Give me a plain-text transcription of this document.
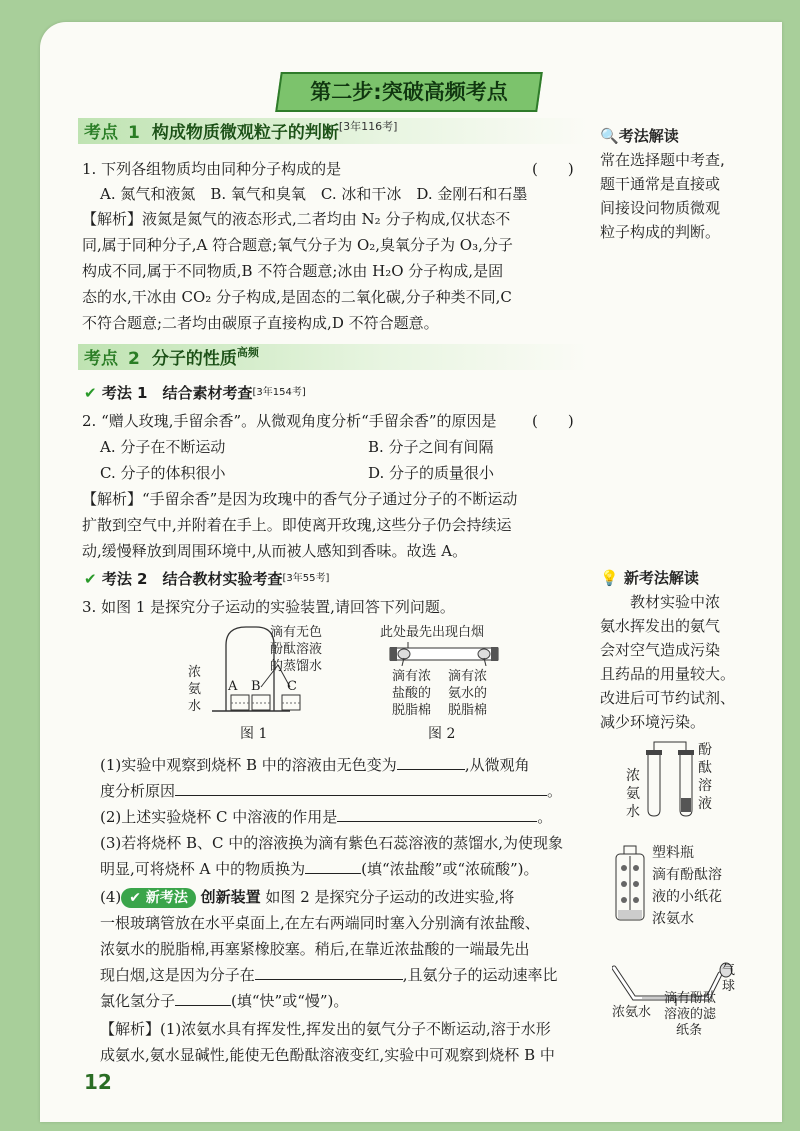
第二步:突破高频考点
考点 1 构成物质微观粒子的判断[3年116考]
1. 下列各组物质均由同种分子构成的是	(　　)
A. 氮气和液氮　B. 氧气和臭氧　C. 冰和干冰　D. 金刚石和石墨
【解析】液氮是氮气的液态形式,二者均由 N₂ 分子构成,仅状态不
同,属于同种分子,A 符合题意;氧气分子为 O₂,臭氧分子为 O₃,分子
构成不同,属于不同物质,B 不符合题意;冰由 H₂O 分子构成,是固
态的水,干冰由 CO₂ 分子构成,是固态的二氧化碳,分子种类不同,C
不符合题意;二者均由碳原子直接构成,D 不符合题意。
考点 2 分子的性质$^{高频}$
✔ 考法 1　 结合素材考查[3年154考]
2. “赠人玫瑰,手留余香”。从微观角度分析“手留余香”的原因是 (　　)
A. 分子在不断运动	B. 分子之间有间隔
C. 分子的体积很小	D. 分子的质量很小
【解析】“手留余香”是因为玫瑰中的香气分子通过分子的不断运动
扩散到空气中,并附着在手上。即使离开玫瑰,这些分子仍会持续运
动,缓慢释放到周围环境中,从而被人感知到香味。故选 A。
✔ 考法 2　 结合教材实验考查[3年55考]
3. 如图 1 是探究分子运动的实验装置,请回答下列问题。
滴有无色
酚酞溶液
的蒸馏水
浓
氨
水
A B C
图 1
此处最先出现白烟
滴有浓
盐酸的
脱脂棉
滴有浓
氨水的
脱脂棉
图 2
(1)实验中观察到烧杯 B 中的溶液由无色变为	,从微观角
度分析原因	。
(2)上述实验烧杯 C 中溶液的作用是	。
(3)若将烧杯 B、C 中的溶液换为滴有紫色石蕊溶液的蒸馏水,为使现象
明显,可将烧杯 A 中的物质换为	(填“浓盐酸”或“浓硫酸”)。
(4) ✔ 新考法 创新装置 如图 2 是探究分子运动的改进实验,将
一根玻璃管放在水平桌面上,在左右两端同时塞入分别滴有浓盐酸、
浓氨水的脱脂棉,再塞紧橡胶塞。稍后,在靠近浓盐酸的一端最先出
现白烟,这是因为分子在	,且氨分子的运动速率比
氯化氢分子	(填“快”或“慢”)。
【解析】(1)浓氨水具有挥发性,挥发出的氨气分子不断运动,溶于水形
成氨水,氨水显碱性,能使无色酚酞溶液变红,实验中可观察到烧杯 B 中
🔍考法解读
常在选择题中考查,
题干通常是直接或
间接设问物质微观
粒子构成的判断。
💡 新考法解读
　　教材实验中浓
氨水挥发出的氨气
会对空气造成污染
且药品的用量较大。
改进后可节约试剂、
减少环境污染。
浓
氨
水
酚
酞
溶
液
塑料瓶
滴有酚酞溶
液的小纸花
浓氨水
气
球
浓氨水
滴有酚酞
溶液的滤
纸条
12
